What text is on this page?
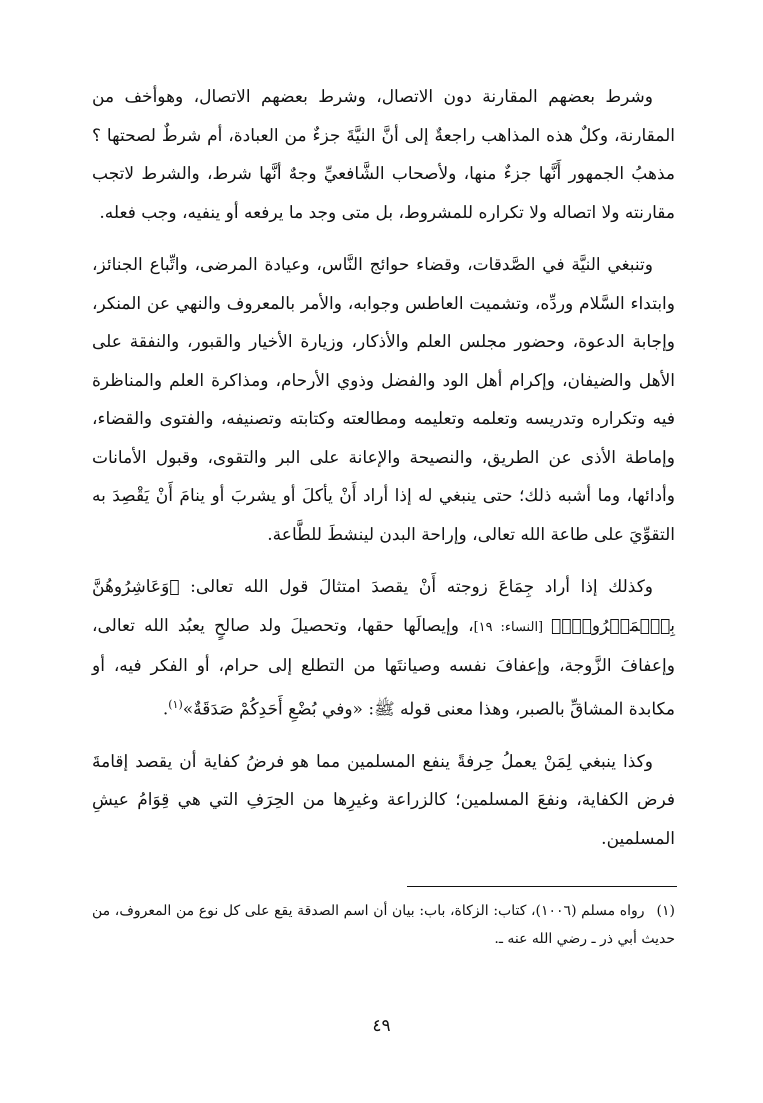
وشرط بعضهم المقارنة دون الاتصال، وشرط بعضهم الاتصال، وهوأخف من المقارنة، وكلٌ هذه المذاهب راجعةٌ إلى أنَّ النيَّةَ جزءٌ من العبادة، أم شرطٌ لصحتها ؟ مذهبُ الجمهور أَنَّها جزءٌ منها، ولأصحاب الشَّافعيِّ وجهٌ أنَّها شرط، والشرط لاتجب مقارنته ولا اتصاله ولا تكراره للمشروط، بل متى وجد ما يرفعه أو ينفيه، وجب فعله.

وتنبغي النيَّة في الصَّدقات، وقضاء حوائج النَّاس، وعيادة المرضى، واتِّباع الجنائز، وابتداء السَّلام وردِّه، وتشميت العاطس وجوابه، والأمر بالمعروف والنهي عن المنكر، وإجابة الدعوة، وحضور مجلس العلم والأذكار، وزيارة الأخيار والقبور، والنفقة على الأهل والضيفان، وإكرام أهل الود والفضل وذوي الأرحام، ومذاكرة العلم والمناظرة فيه وتكراره وتدريسه وتعلمه وتعليمه ومطالعته وكتابته وتصنيفه، والفتوى والقضاء، وإماطة الأذى عن الطريق، والنصيحة والإعانة على البر والتقوى، وقبول الأمانات وأدائها، وما أشبه ذلك؛ حتى ينبغي له إذا أراد أَنْ يأكلَ أو يشربَ أو ينامَ أَنْ يَقْصِدَ به التقوِّيَ على طاعة الله تعالى، وإراحة البدن لينشطَ للطَّاعة.

وكذلك إذا أراد جِمَاعَ زوجته أَنْ يقصدَ امتثالَ قول الله تعالى: ﴿وَعَاشِرُوهُنَّ بِٱلۡمَعۡرُوفِۚ﴾ [النساء: ١٩]، وإيصالَها حقها، وتحصيلَ ولد صالحٍ يعبُد الله تعالى، وإعفافَ الزَّوجة، وإعفافَ نفسه وصيانتَها من التطلع إلى حرام، أو الفكر فيه، أو مكابدة المشاقِّ بالصبر، وهذا معنى قوله ﷺ: «وفي بُضْعِ أَحَدِكُمْ صَدَقَةٌ»$^{(١)}$.

وكذا ينبغي لِمَنْ يعملُ حِرفةً ينفع المسلمين مما هو فرضُ كفاية أن يقصد إقامةَ فرض الكفاية، ونفعَ المسلمين؛ كالزراعة وغيرِها من الحِرَفِ التي هي قِوَامُ عيشِ المسلمين.

(١)رواه مسلم (١٠٠٦)، كتاب: الزكاة، باب: بيان أن اسم الصدقة يقع على كل نوع من المعروف، من حديث أبي ذر ـ رضي الله عنه ـ.

٤٩
